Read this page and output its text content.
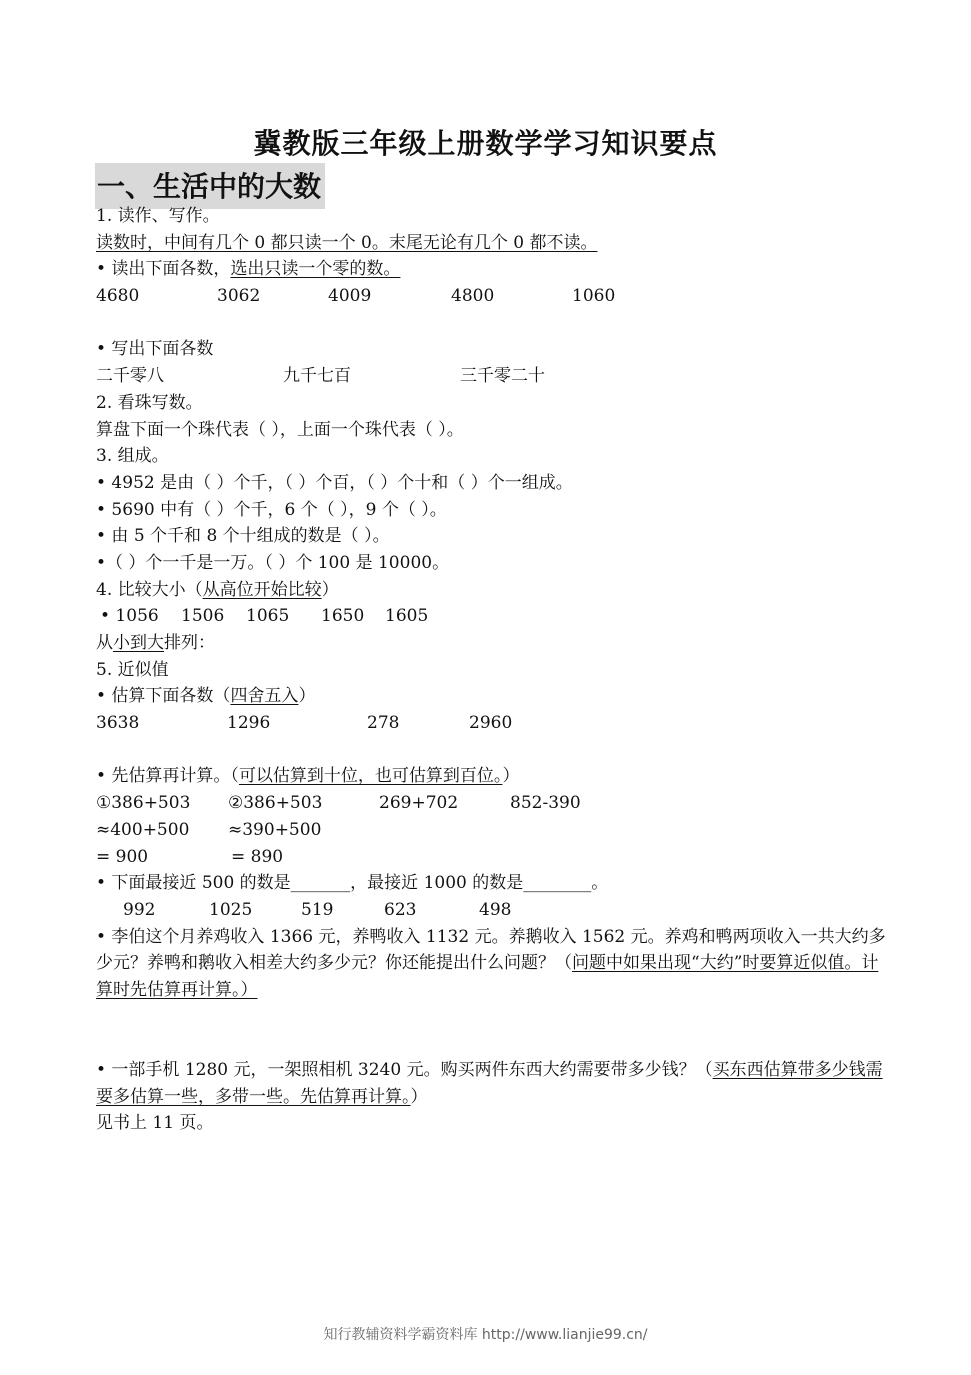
冀教版三年级上册数学学习知识要点
一、生活中的大数
1. 读作、写作。
读数时，中间有几个 0 都只读一个 0。末尾无论有几个 0 都不读。
• 读出下面各数，选出只读一个零的数。
4680	3062	4009	4800	1060
• 写出下面各数
二千零八	九千七百	三千零二十
2. 看珠写数。
算盘下面一个珠代表（ ），上面一个珠代表（ ）。
3. 组成。
• 4952 是由（ ）个千，（ ）个百，（ ）个十和（ ）个一组成。
• 5690 中有（ ）个千，6 个（ ），9 个（ ）。
• 由 5 个千和 8 个十组成的数是（ ）。
•（ ）个一千是一万。（ ）个 100 是 10000。
4. 比较大小（从高位开始比较）
• 1056 1506 1065 1650 1605
从小到大排列：
5. 近似值
• 估算下面各数（四舍五入）
3638	1296	278	2960
• 先估算再计算。（可以估算到十位，也可估算到百位。）
①386+503 ②386+503	269+702	852-390
≈400+500 ≈390+500
= 900	= 890
• 下面最接近 500 的数是_______，最接近 1000 的数是________。
992	1025	519	623	498
• 李伯这个月养鸡收入 1366 元，养鸭收入 1132 元。养鹅收入 1562 元。养鸡和鸭两项收入一共大约多少元？养鸭和鹅收入相差大约多少元？你还能提出什么问题？（问题中如果出现“大约”时要算近似值。计算时先估算再计算。）
• 一部手机 1280 元，一架照相机 3240 元。购买两件东西大约需要带多少钱？（买东西估算带多少钱需要多估算一些，多带一些。先估算再计算。）
见书上 11 页。
知行教辅资料学霸资料库 http://www.lianjie99.cn/
